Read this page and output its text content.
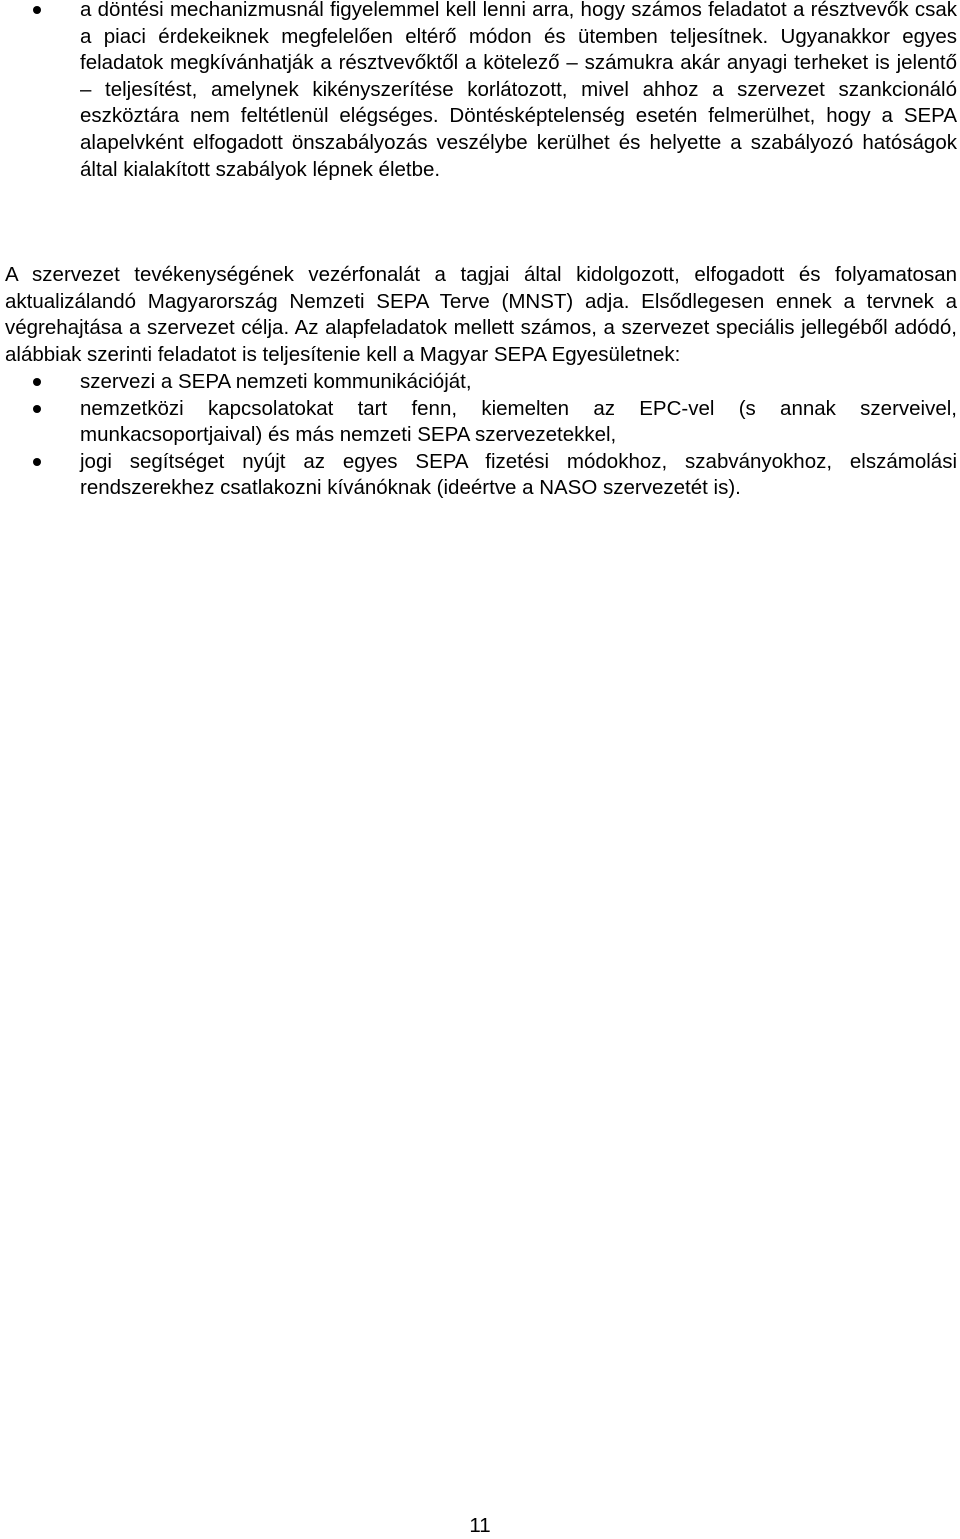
a döntési mechanizmusnál figyelemmel kell lenni arra, hogy számos feladatot a résztvevők csak a piaci érdekeiknek megfelelően eltérő módon és ütemben teljesítnek. Ugyanakkor egyes feladatok megkívánhatják a résztvevőktől a kötelező – számukra akár anyagi terheket is jelentő – teljesítést, amelynek kikényszerítése korlátozott, mivel ahhoz a szervezet szankcionáló eszköztára nem feltétlenül elégséges. Döntésképtelenség esetén felmerülhet, hogy a SEPA alapelvként elfogadott önszabályozás veszélybe kerülhet és helyette a szabályozó hatóságok által kialakított szabályok lépnek életbe.

A szervezet tevékenységének vezérfonalát a tagjai által kidolgozott, elfogadott és folyamatosan aktualizálandó Magyarország Nemzeti SEPA Terve (MNST) adja. Elsődlegesen ennek a tervnek a végrehajtása a szervezet célja. Az alapfeladatok mellett számos, a szervezet speciális jellegéből adódó, alábbiak szerinti feladatot is teljesítenie kell a Magyar SEPA Egyesületnek:

szervezi a SEPA nemzeti kommunikációját,
nemzetközi kapcsolatokat tart fenn, kiemelten az EPC-vel (s annak szerveivel, munkacsoportjaival) és más nemzeti SEPA szervezetekkel,
jogi segítséget nyújt az egyes SEPA fizetési módokhoz, szabványokhoz, elszámolási rendszerekhez csatlakozni kívánóknak (ideértve a NASO szervezetét is).
11
